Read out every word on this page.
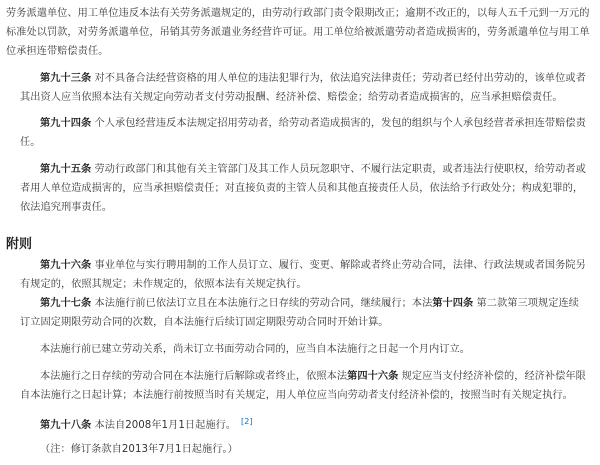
劳务派遣单位、用工单位违反本法有关劳务派遣规定的，由劳动行政部门责令限期改正；逾期不改正的，以每人五千元到一万元的标准处以罚款，对劳务派遣单位，吊销其劳务派遣业务经营许可证。用工单位给被派遣劳动者造成损害的，劳务派遣单位与用工单位承担连带赔偿责任。

第九十三条 对不具备合法经营资格的用人单位的违法犯罪行为，依法追究法律责任；劳动者已经付出劳动的，该单位或者其出资人应当依照本法有关规定向劳动者支付劳动报酬、经济补偿、赔偿金；给劳动者造成损害的，应当承担赔偿责任。

第九十四条 个人承包经营违反本法规定招用劳动者，给劳动者造成损害的，发包的组织与个人承包经营者承担连带赔偿责任。

第九十五条 劳动行政部门和其他有关主管部门及其工作人员玩忽职守、不履行法定职责，或者违法行使职权，给劳动者或者用人单位造成损害的，应当承担赔偿责任；对直接负责的主管人员和其他直接责任人员，依法给予行政处分；构成犯罪的，依法追究刑事责任。

附则

第九十六条 事业单位与实行聘用制的工作人员订立、履行、变更、解除或者终止劳动合同，法律、行政法规或者国务院另有规定的，依照其规定；未作规定的，依照本法有关规定执行。

第九十七条 本法施行前已依法订立且在本法施行之日存续的劳动合同，继续履行；本法第十四条 第二款第三项规定连续订立固定期限劳动合同的次数，自本法施行后续订固定期限劳动合同时开始计算。

本法施行前已建立劳动关系，尚未订立书面劳动合同的，应当自本法施行之日起一个月内订立。

本法施行之日存续的劳动合同在本法施行后解除或者终止，依照本法第四十六条 规定应当支付经济补偿的，经济补偿年限自本法施行之日起计算；本法施行前按照当时有关规定，用人单位应当向劳动者支付经济补偿的，按照当时有关规定执行。

第九十八条 本法自2008年1月1日起施行。 [2]

（注：修订条款自2013年7月1日起施行。）
